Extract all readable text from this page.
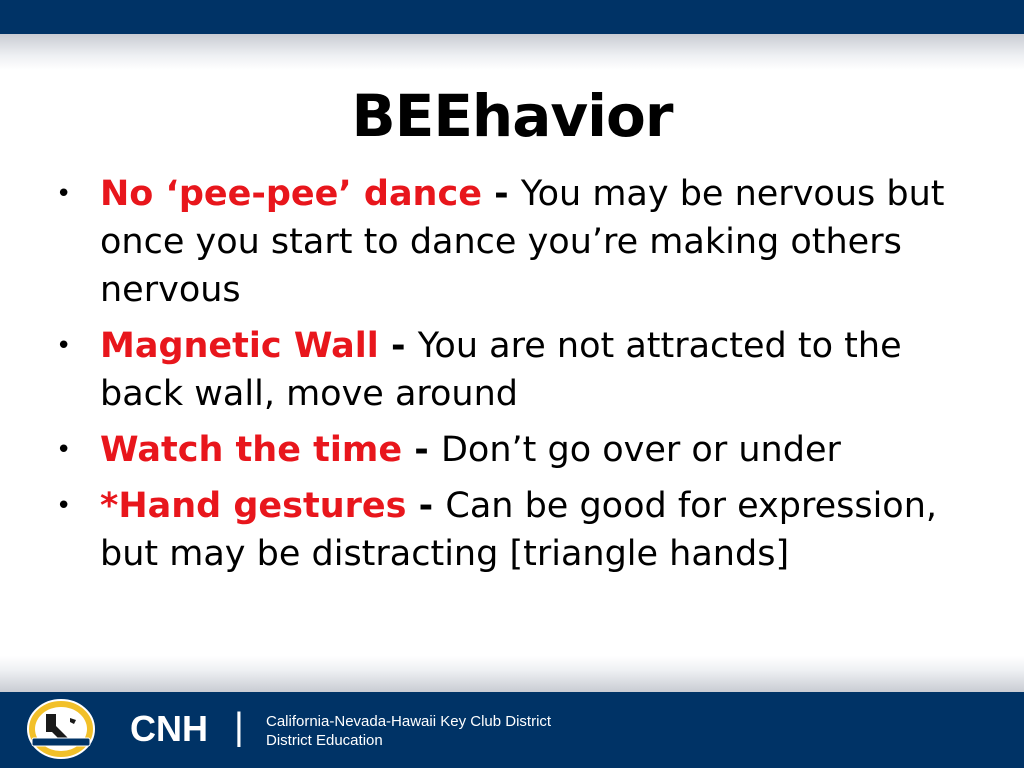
BEEhavior
• No ‘pee-pee’ dance - You may be nervous but once you start to dance you’re making others nervous
• Magnetic Wall - You are not attracted to the back wall, move around
• Watch the time - Don’t go over or under
• *Hand gestures - Can be good for expression, but may be distracting [triangle hands]
CNH | California-Nevada-Hawaii Key Club District
District Education
